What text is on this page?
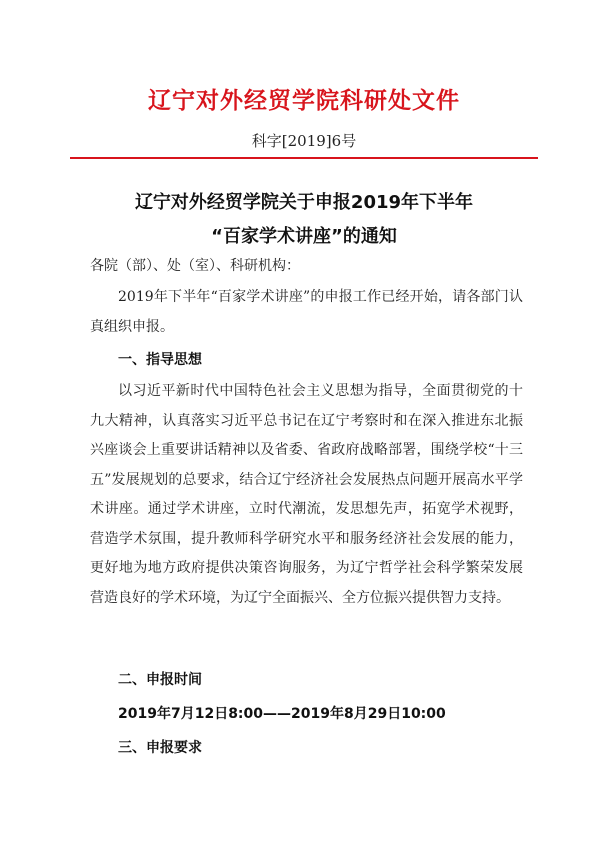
辽宁对外经贸学院科研处文件
科字[2019]6号
辽宁对外经贸学院关于申报2019年下半年
“百家学术讲座”的通知
各院（部）、处（室）、科研机构：
2019年下半年“百家学术讲座”的申报工作已经开始，请各部门认真组织申报。
一、指导思想
以习近平新时代中国特色社会主义思想为指导，全面贯彻党的十九大精神，认真落实习近平总书记在辽宁考察时和在深入推进东北振兴座谈会上重要讲话精神以及省委、省政府战略部署，围绕学校“十三五”发展规划的总要求，结合辽宁经济社会发展热点问题开展高水平学术讲座。通过学术讲座，立时代潮流，发思想先声，拓宽学术视野，营造学术氛围，提升教师科学研究水平和服务经济社会发展的能力，更好地为地方政府提供决策咨询服务，为辽宁哲学社会科学繁荣发展营造良好的学术环境，为辽宁全面振兴、全方位振兴提供智力支持。
二、申报时间
2019年7月12日8:00——2019年8月29日10:00
三、申报要求
